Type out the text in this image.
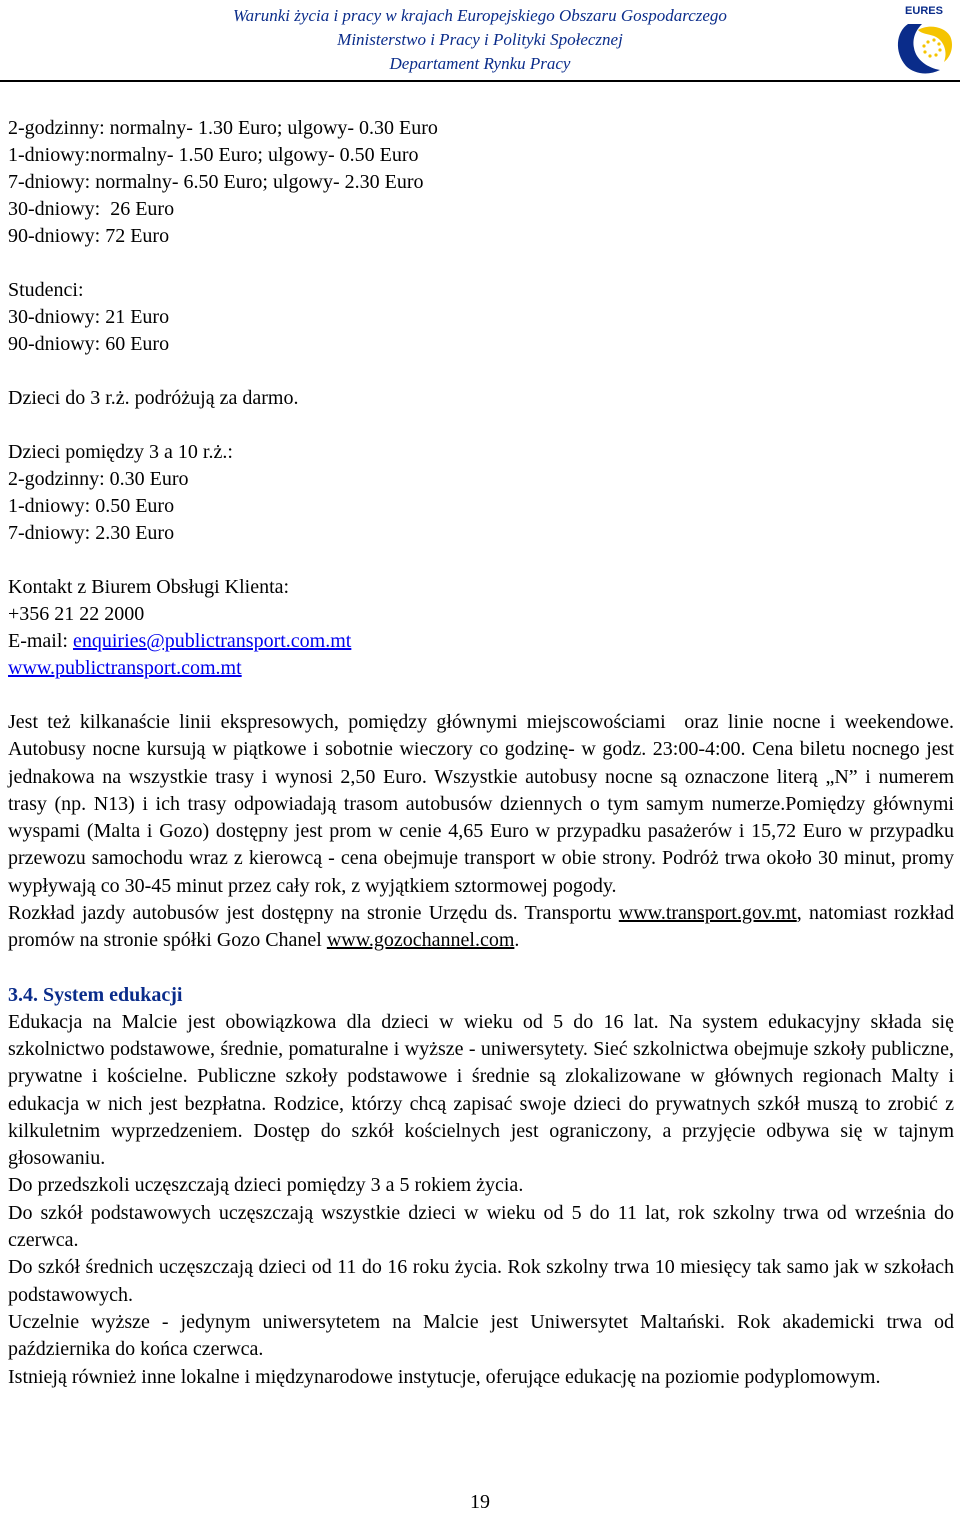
Warunki życia i pracy w krajach Europejskiego Obszaru Gospodarczego
Ministerstwo i Pracy i Polityki Społecznej
Departament Rynku Pracy
EURES
2-godzinny: normalny- 1.30 Euro; ulgowy- 0.30 Euro
1-dniowy:normalny- 1.50 Euro; ulgowy- 0.50 Euro
7-dniowy: normalny- 6.50 Euro; ulgowy- 2.30 Euro
30-dniowy:  26 Euro
90-dniowy: 72 Euro
Studenci:
30-dniowy: 21 Euro
90-dniowy: 60 Euro
Dzieci do 3 r.ż. podróżują za darmo.
Dzieci pomiędzy 3 a 10 r.ż.:
2-godzinny: 0.30 Euro
1-dniowy: 0.50 Euro
7-dniowy: 2.30 Euro
Kontakt z Biurem Obsługi Klienta:
+356 21 22 2000
E-mail: enquiries@publictransport.com.mt
www.publictransport.com.mt

Jest też kilkanaście linii ekspresowych, pomiędzy głównymi miejscowościami  oraz linie nocne i weekendowe. Autobusy nocne kursują w piątkowe i sobotnie wieczory co godzinę- w godz. 23:00-4:00. Cena biletu nocnego jest jednakowa na wszystkie trasy i wynosi 2,50 Euro. Wszystkie autobusy nocne są oznaczone literą „N” i numerem trasy (np. N13) i ich trasy odpowiadają trasom autobusów dziennych o tym samym numerze.Pomiędzy głównymi wyspami (Malta i Gozo) dostępny jest prom w cenie 4,65 Euro w przypadku pasażerów i 15,72 Euro w przypadku przewozu samochodu wraz z kierowcą - cena obejmuje transport w obie strony. Podróż trwa około 30 minut, promy wypływają co 30-45 minut przez cały rok, z wyjątkiem sztormowej pogody.

Rozkład jazdy autobusów jest dostępny na stronie Urzędu ds. Transportu www.transport.gov.mt, natomiast rozkład promów na stronie spółki Gozo Chanel www.gozochannel.com.

3.4. System edukacji

Edukacja na Malcie jest obowiązkowa dla dzieci w wieku od 5 do 16 lat. Na system edukacyjny składa się szkolnictwo podstawowe, średnie, pomaturalne i wyższe - uniwersytety. Sieć szkolnictwa obejmuje szkoły publiczne, prywatne i kościelne. Publiczne szkoły podstawowe i średnie są zlokalizowane w głównych regionach Malty i edukacja w nich jest bezpłatna. Rodzice, którzy chcą zapisać swoje dzieci do prywatnych szkół muszą to zrobić z kilkuletnim wyprzedzeniem. Dostęp do szkół kościelnych jest ograniczony, a przyjęcie odbywa się w tajnym głosowaniu.

Do przedszkoli uczęszczają dzieci pomiędzy 3 a 5 rokiem życia.

Do szkół podstawowych uczęszczają wszystkie dzieci w wieku od 5 do 11 lat, rok szkolny trwa od września do czerwca.

Do szkół średnich uczęszczają dzieci od 11 do 16 roku życia. Rok szkolny trwa 10 miesięcy tak samo jak w szkołach podstawowych.

Uczelnie wyższe - jedynym uniwersytetem na Malcie jest Uniwersytet Maltański. Rok akademicki trwa od października do końca czerwca.

Istnieją również inne lokalne i międzynarodowe instytucje, oferujące edukację na poziomie podyplomowym.

19
